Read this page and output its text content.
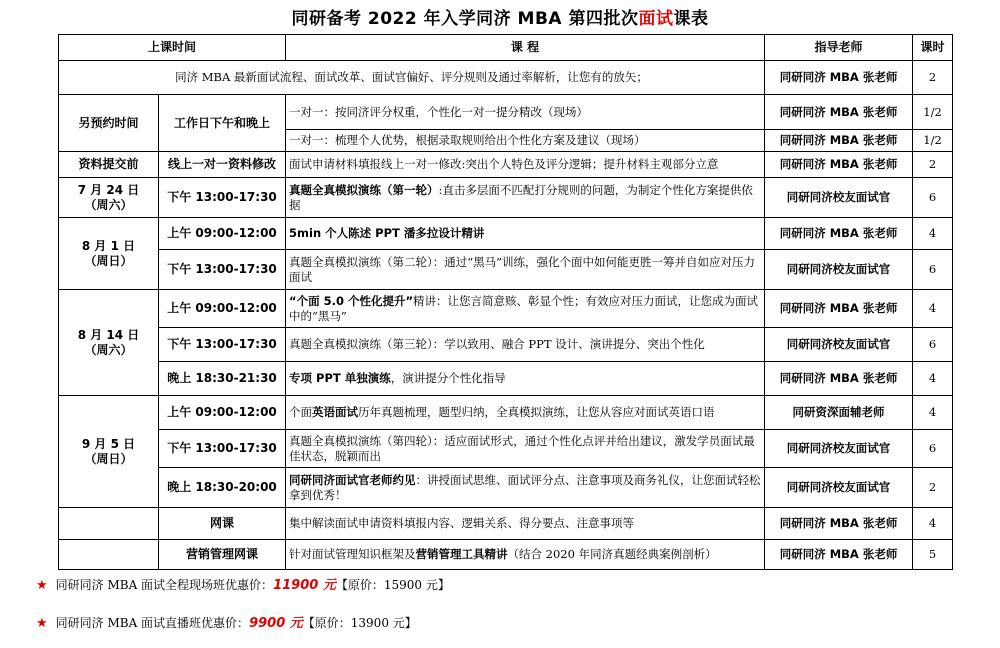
同研备考 2022 年入学同济 MBA 第四批次面试课表
上课时间		课 程	指导老师	课时
同济 MBA 最新面试流程、面试改革、面试官偏好、评分规则及通过率解析，让您有的放矢；			同研同济 MBA 张老师	2
另预约时间	工作日下午和晚上	一对一：按同济评分权重，个性化一对一提分精改（现场）	同研同济 MBA 张老师	1/2
		一对一：梳理个人优势，根据录取规则给出个性化方案及建议（现场）	同研同济 MBA 张老师	1/2
资料提交前	线上一对一资料修改	面试申请材料填报线上一对一修改:突出个人特色及评分逻辑；提升材料主观部分立意	同研同济 MBA 张老师	2

7 月 24 日
（周六）	下午 13:00-17:30	真题全真模拟演练（第一轮）:直击多层面不匹配打分规则的问题，为制定个性化方案提供依据	同研同济校友面试官	6

8 月 1 日
（周日）	上午 09:00-12:00	5min 个人陈述 PPT 潘多拉设计精讲	同研同济 MBA 张老师	4
	下午 13:00-17:30	真题全真模拟演练（第二轮）：通过“黑马”训练，强化个面中如何能更胜一筹并自如应对压力面试	同研同济校友面试官	6

8 月 14 日
（周六）	上午 09:00-12:00	“个面 5.0 个性化提升”精讲：让您言简意赅、彰显个性；有效应对压力面试，让您成为面试中的“黑马”	同研同济 MBA 张老师	4
	下午 13:00-17:30	真题全真模拟演练（第三轮）：学以致用、融合 PPT 设计、演讲提分、突出个性化	同研同济校友面试官	6
	晚上 18:30-21:30	专项 PPT 单独演练，演讲提分个性化指导	同研同济 MBA 张老师	4

9 月 5 日
（周日）	上午 09:00-12:00	个面英语面试历年真题梳理，题型归纳，全真模拟演练，让您从容应对面试英语口语	同研资深面辅老师	4
	下午 13:00-17:30	真题全真模拟演练（第四轮）：适应面试形式，通过个性化点评并给出建议，激发学员面试最佳状态，脱颖而出	同研同济校友面试官	6
	晚上 18:30-20:00	同研同济面试官老师约见：讲授面试思维、面试评分点、注意事项及商务礼仪，让您面试轻松拿到优秀！	同研同济校友面试官	2
	网课	集中解读面试申请资料填报内容、逻辑关系、得分要点、注意事项等	同研同济 MBA 张老师	4
	营销管理网课	针对面试管理知识框架及营销管理工具精讲（结合 2020 年同济真题经典案例剖析）	同研同济 MBA 张老师	5
★ 同研同济 MBA 面试全程现场班优惠价：11900 元【原价：15900 元】
★ 同研同济 MBA 面试直播班优惠价：9900 元【原价：13900 元】
